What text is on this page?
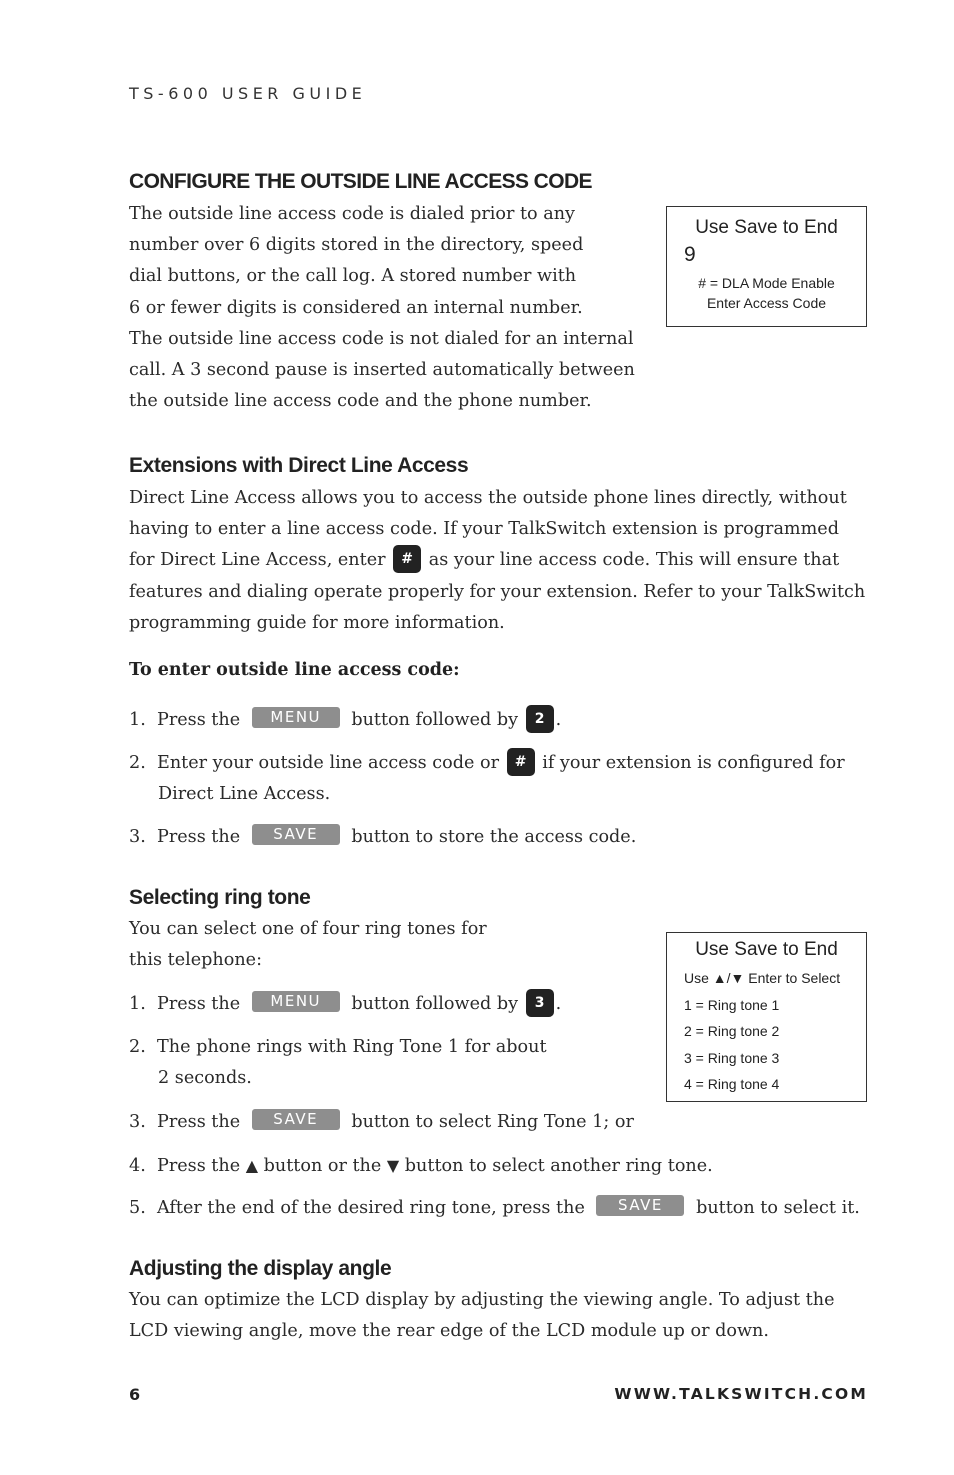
TS-600 USER GUIDE
CONFIGURE THE OUTSIDE LINE ACCESS CODE
The outside line access code is dialed prior to any
number over 6 digits stored in the directory, speed
dial buttons, or the call log. A stored number with
6 or fewer digits is considered an internal number.
The outside line access code is not dialed for an internal
call. A 3 second pause is inserted automatically between
the outside line access code and the phone number.
Use Save to End
9
# = DLA Mode Enable
Enter Access Code
Extensions with Direct Line Access
Direct Line Access allows you to access the outside phone lines directly, without
having to enter a line access code. If your TalkSwitch extension is programmed
for Direct Line Access, enter # as your line access code. This will ensure that
features and dialing operate properly for your extension. Refer to your TalkSwitch
programming guide for more information.
To enter outside line access code:
1. Press the MENU button followed by 2 .
2. Enter your outside line access code or # if your extension is configured for
Direct Line Access.
3. Press the SAVE button to store the access code.
Selecting ring tone
You can select one of four ring tones for
this telephone:
1. Press the MENU button followed by 3 .
2. The phone rings with Ring Tone 1 for about
2 seconds.
3. Press the SAVE button to select Ring Tone 1; or
4. Press the ▲ button or the ▼ button to select another ring tone.
5. After the end of the desired ring tone, press the SAVE button to select it.
Use Save to End
Use ▲/▼ Enter to Select
1 = Ring tone 1
2 = Ring tone 2
3 = Ring tone 3
4 = Ring tone 4
Adjusting the display angle
You can optimize the LCD display by adjusting the viewing angle. To adjust the
LCD viewing angle, move the rear edge of the LCD module up or down.
6	WWW.TALKSWITCH.COM
